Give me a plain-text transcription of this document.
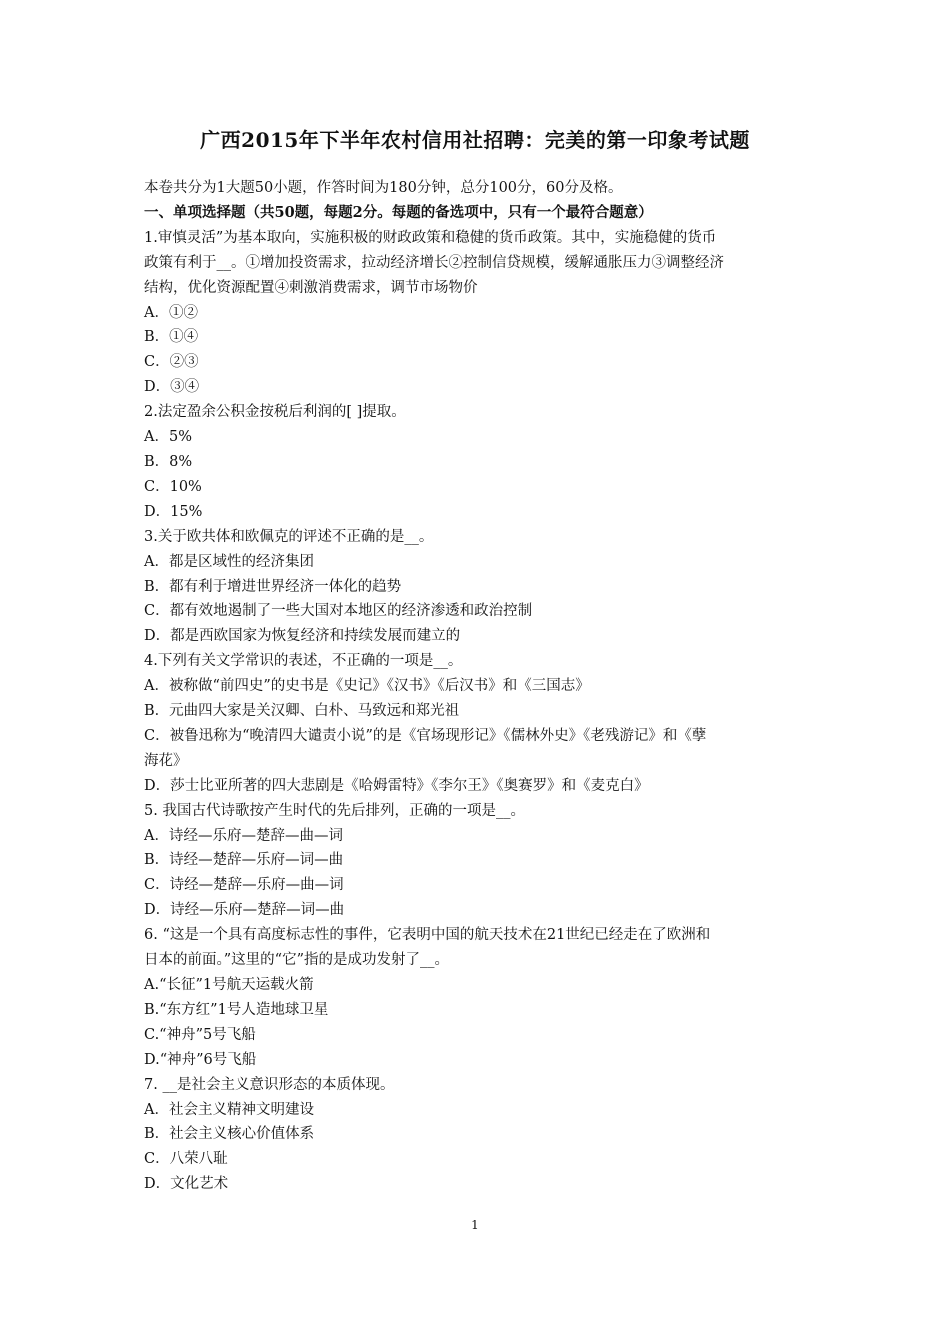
广西2015年下半年农村信用社招聘：完美的第一印象考试题
本卷共分为1大题50小题，作答时间为180分钟，总分100分，60分及格。
一、单项选择题（共50题，每题2分。每题的备选项中，只有一个最符合题意）
1.审慎灵活”为基本取向，实施积极的财政政策和稳健的货币政策。其中，实施稳健的货币
政策有利于__。①增加投资需求，拉动经济增长②控制信贷规模，缓解通胀压力③调整经济
结构，优化资源配置④刺激消费需求，调节市场物价
A．①②
B．①④
C．②③
D．③④
2.法定盈余公积金按税后利润的[ ]提取。
A．5%
B．8%
C．10%
D．15%
3.关于欧共体和欧佩克的评述不正确的是__。
A．都是区域性的经济集团
B．都有利于增进世界经济一体化的趋势
C．都有效地遏制了一些大国对本地区的经济渗透和政治控制
D．都是西欧国家为恢复经济和持续发展而建立的
4.下列有关文学常识的表述，不正确的一项是__。
A．被称做“前四史”的史书是《史记》《汉书》《后汉书》和《三国志》
B．元曲四大家是关汉卿、白朴、马致远和郑光祖
C．被鲁迅称为“晚清四大谴责小说”的是《官场现形记》《儒林外史》《老残游记》和《孽
海花》
D．莎士比亚所著的四大悲剧是《哈姆雷特》《李尔王》《奥赛罗》和《麦克白》
5. 我国古代诗歌按产生时代的先后排列，正确的一项是__。
A．诗经—乐府—楚辞—曲—词
B．诗经—楚辞—乐府—词—曲
C．诗经—楚辞—乐府—曲—词
D．诗经—乐府—楚辞—词—曲
6. “这是一个具有高度标志性的事件，它表明中国的航天技术在21世纪已经走在了欧洲和
日本的前面。”这里的“它”指的是成功发射了__。
A.“长征”1号航天运载火箭
B.“东方红”1号人造地球卫星
C.“神舟”5号飞船
D.“神舟”6号飞船
7. __是社会主义意识形态的本质体现。
A．社会主义精神文明建设
B．社会主义核心价值体系
C．八荣八耻
D．文化艺术
1
